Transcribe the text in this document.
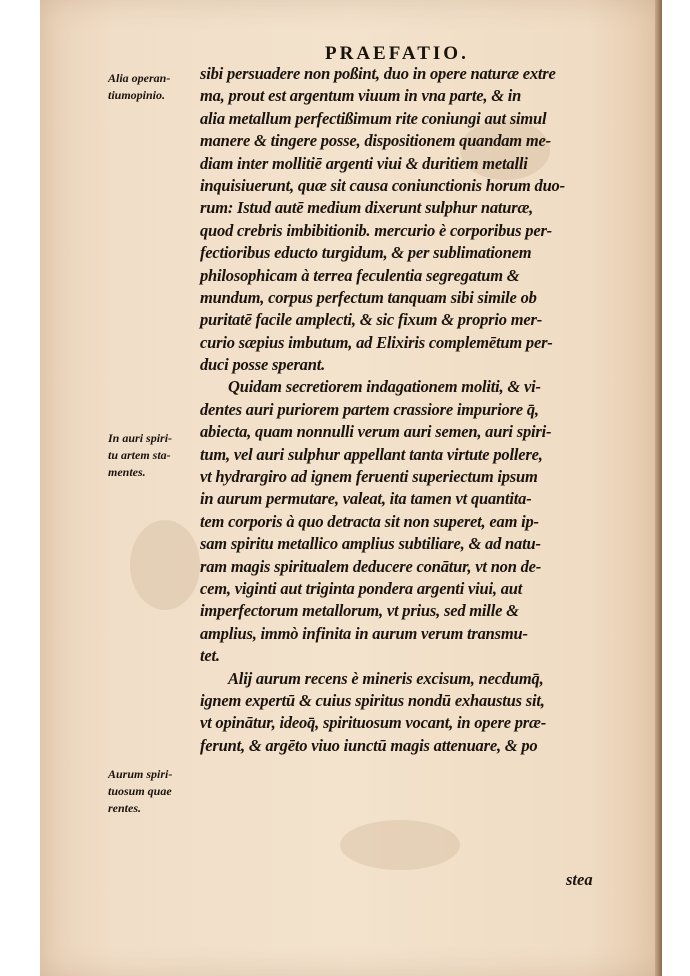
PRAEFATIO.
Alia operan-
tiumopinio.
In auri spiri-
tu artem sta-
mentes.
Aurum spiri-
tuosum quae
rentes.
sibi persuadere non poßint, duo in opere naturæ extre
ma, prout est argentum viuum in vna parte, & in
alia metallum perfectißimum rite coniungi aut simul
manere & tingere posse, dispositionem quandam me-
diam inter mollitiē argenti viui & duritiem metalli
inquisiuerunt, quæ sit causa coniunctionis horum duo-
rum: Istud autē medium dixerunt sulphur naturæ,
quod crebris imbibitionib. mercurio è corporibus per-
fectioribus educto turgidum, & per sublimationem
philosophicam à terrea feculentia segregatum &
mundum, corpus perfectum tanquam sibi simile ob
puritatē facile amplecti, & sic fixum & proprio mer-
curio sæpius imbutum, ad Elixiris complemētum per-
duci posse sperant.
Quidam secretiorem indagationem moliti, & vi-
dentes auri puriorem partem crassiore impuriore q̄,
abiecta, quam nonnulli verum auri semen, auri spiri-
tum, vel auri sulphur appellant tanta virtute pollere,
vt hydrargiro ad ignem feruenti superiectum ipsum
in aurum permutare, valeat, ita tamen vt quantita-
tem corporis à quo detracta sit non superet, eam ip-
sam spiritu metallico amplius subtiliare, & ad natu-
ram magis spiritualem deducere conātur, vt non de-
cem, viginti aut triginta pondera argenti viui, aut
imperfectorum metallorum, vt prius, sed mille &
amplius, immò infinita in aurum verum transmu-
tet.
Alij aurum recens è mineris excisum, necdumq̄,
ignem expertū & cuius spiritus nondū exhaustus sit,
vt opinātur, ideoq̄, spirituosum vocant, in opere præ-
ferunt, & argēto viuo iunctū magis attenuare, & po
stea
